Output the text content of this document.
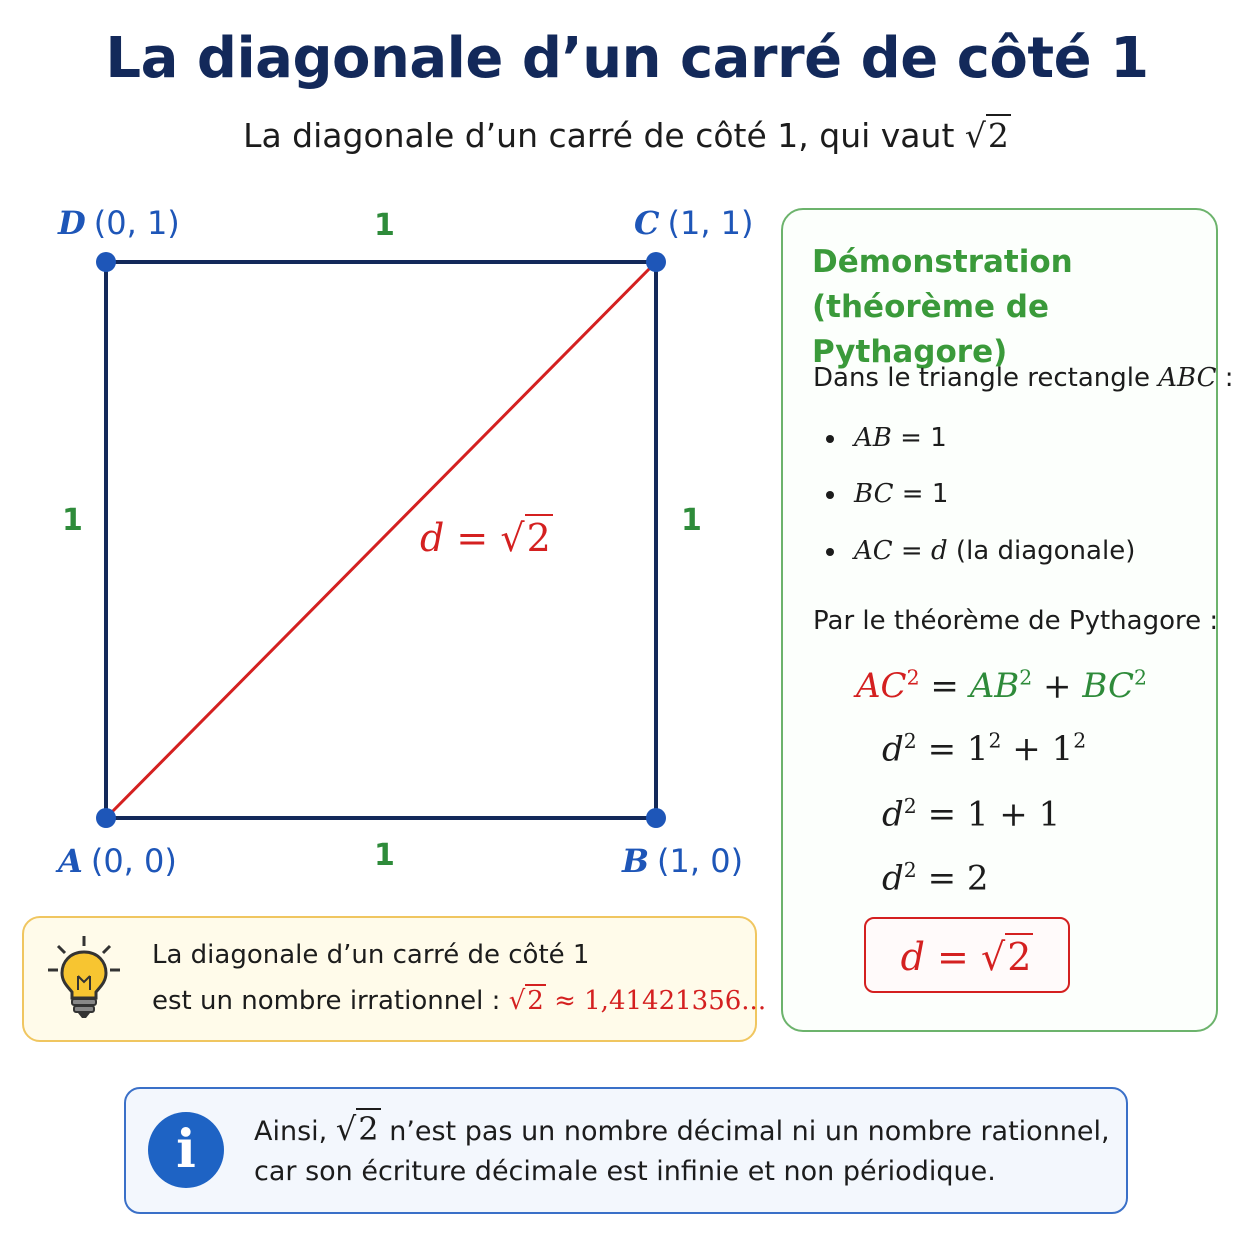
La diagonale d’un carré de côté 1
La diagonale d’un carré de côté 1, qui vaut √2
D (0, 1)	C (1, 1)
A (0, 0)	B (1, 0)
1
1
1	1
d = √2
Démonstration
(théorème de Pythagore)
Dans le triangle rectangle ABC :
AB = 1
BC = 1
AC = d (la diagonale)
Par le théorème de Pythagore :
$AC^2 = AB^2 + BC^2$
$d^2 = 1^2 + 1^2$
$d^2 = 1 + 1$
$d^2 = 2$
d = √2
La diagonale d’un carré de côté 1
est un nombre irrationnel : √2 ≈ 1,41421356...
i	Ainsi, √2 n’est pas un nombre décimal ni un nombre rationnel,
car son écriture décimale est infinie et non périodique.
